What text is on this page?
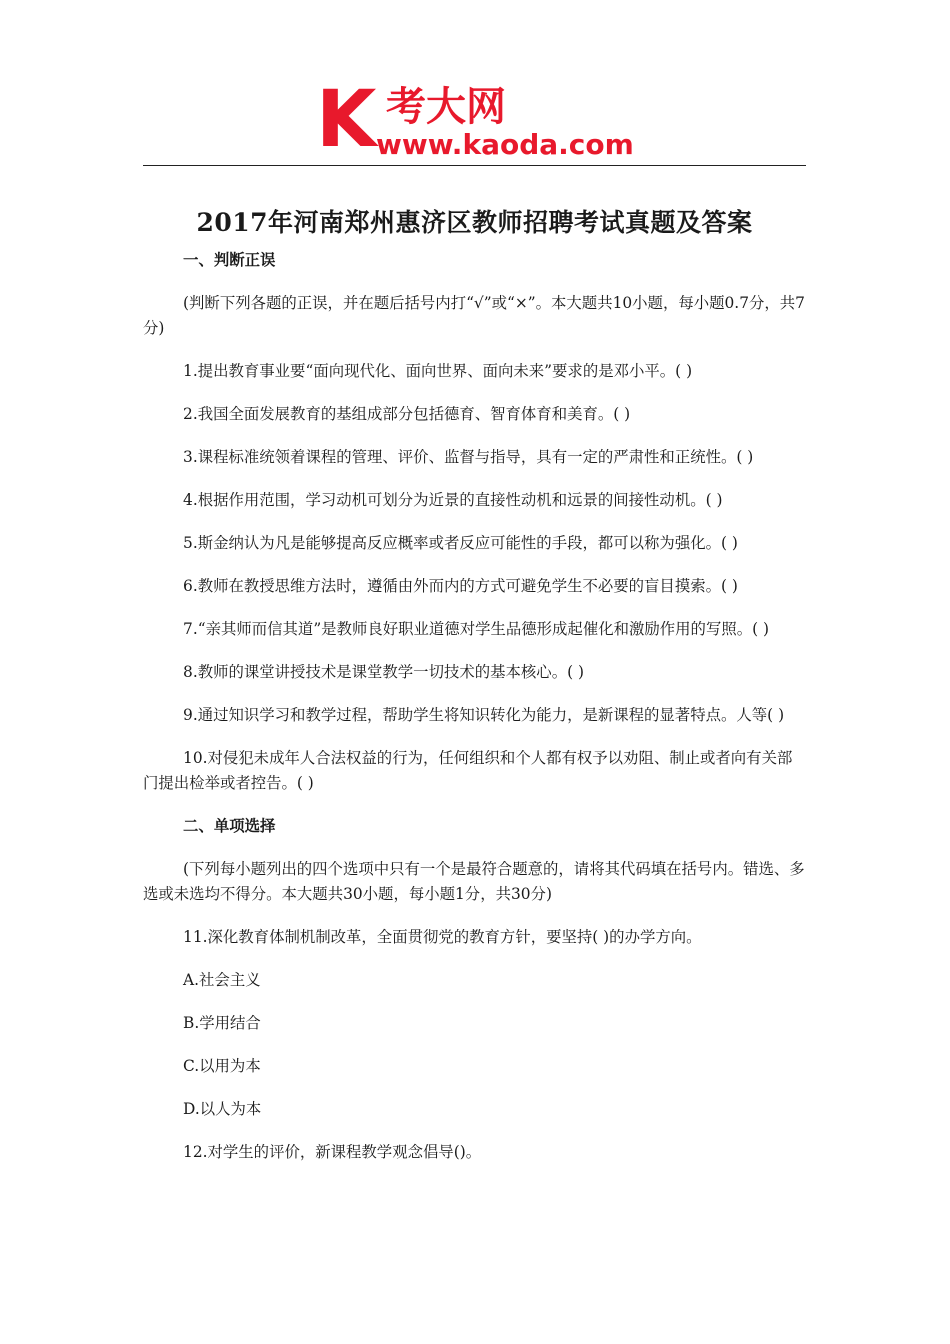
K 考大网
www.kaoda.com
2017年河南郑州惠济区教师招聘考试真题及答案

一、判断正误

(判断下列各题的正误，并在题后括号内打“√”或“×”。本大题共10小题，每小题0.7分，共7分)

1.提出教育事业要“面向现代化、面向世界、面向未来”要求的是邓小平。( )

2.我国全面发展教育的基组成部分包括德育、智育体育和美育。( )

3.课程标准统领着课程的管理、评价、监督与指导，具有一定的严肃性和正统性。( )

4.根据作用范围，学习动机可划分为近景的直接性动机和远景的间接性动机。( )

5.斯金纳认为凡是能够提高反应概率或者反应可能性的手段，都可以称为强化。( )

6.教师在教授思维方法时，遵循由外而内的方式可避免学生不必要的盲目摸索。( )

7.“亲其师而信其道”是教师良好职业道德对学生品德形成起催化和激励作用的写照。( )

8.教师的课堂讲授技术是课堂教学一切技术的基本核心。( )

9.通过知识学习和教学过程，帮助学生将知识转化为能力，是新课程的显著特点。人等( )

10.对侵犯未成年人合法权益的行为，任何组织和个人都有权予以劝阻、制止或者向有关部门提出检举或者控告。( )

二、单项选择

(下列每小题列出的四个选项中只有一个是最符合题意的，请将其代码填在括号内。错选、多选或未选均不得分。本大题共30小题，每小题1分，共30分)

11.深化教育体制机制改革，全面贯彻党的教育方针，要坚持( )的办学方向。

A.社会主义

B.学用结合

C.以用为本

D.以人为本

12.对学生的评价，新课程教学观念倡导()。
